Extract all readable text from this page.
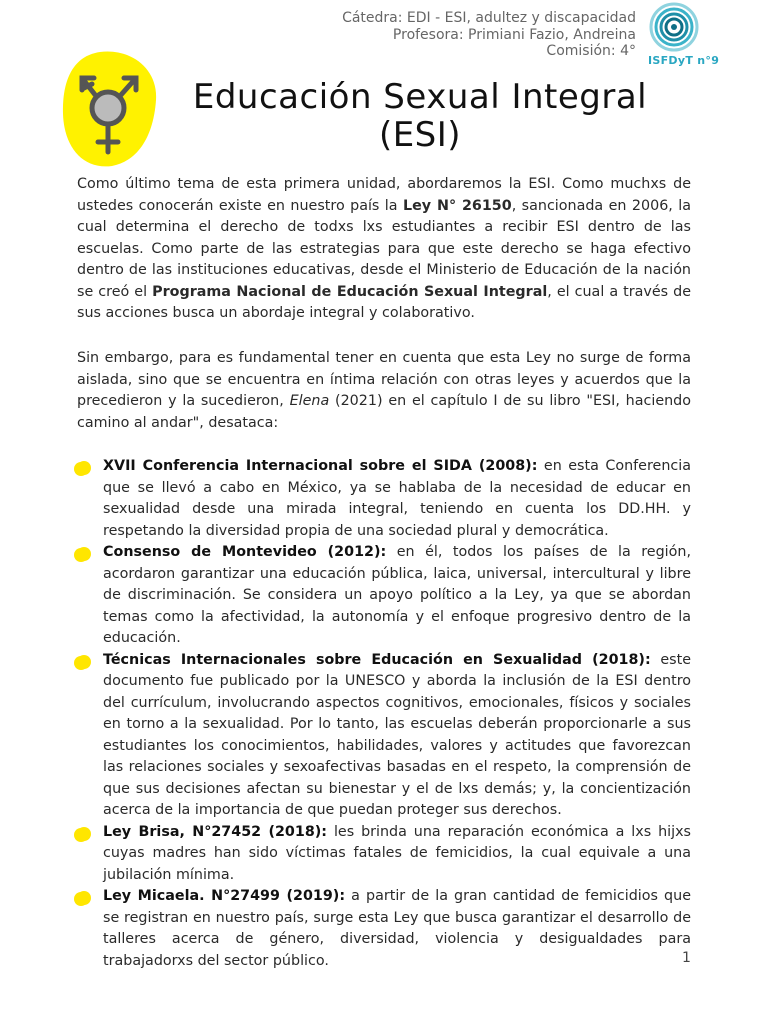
Cátedra: EDI - ESI, adultez y discapacidad
Profesora: Primiani Fazio, Andreina
Comisión: 4°
ISFDyT n°9
Educación Sexual Integral
(ESI)
Como último tema de esta primera unidad, abordaremos la ESI. Como muchxs de ustedes conocerán existe en nuestro país la Ley N° 26150, sancionada en 2006, la cual determina el derecho de todxs lxs estudiantes a recibir ESI dentro de las escuelas. Como parte de las estrategias para que este derecho se haga efectivo dentro de las instituciones educativas, desde el Ministerio de Educación de la nación se creó el Programa Nacional de Educación Sexual Integral, el cual a través de sus acciones busca un abordaje integral y colaborativo.
Sin embargo, para es fundamental tener en cuenta que esta Ley no surge de forma aislada, sino que se encuentra en íntima relación con otras leyes y acuerdos que la precedieron y la sucedieron, Elena (2021) en el capítulo I de su libro "ESI, haciendo camino al andar", desataca:
XVII Conferencia Internacional sobre el SIDA (2008): en esta Conferencia que se llevó a cabo en México, ya se hablaba de la necesidad de educar en sexualidad desde una mirada integral, teniendo en cuenta los DD.HH. y respetando la diversidad propia de una sociedad plural y democrática.
Consenso de Montevideo (2012): en él, todos los países de la región, acordaron garantizar una educación pública, laica, universal, intercultural y libre de discriminación. Se considera un apoyo político a la Ley, ya que se abordan temas como la afectividad, la autonomía y el enfoque progresivo dentro de la educación.
Técnicas Internacionales sobre Educación en Sexualidad (2018): este documento fue publicado por la UNESCO y aborda la inclusión de la ESI dentro del currículum, involucrando aspectos cognitivos, emocionales, físicos y sociales en torno a la sexualidad. Por lo tanto, las escuelas deberán proporcionarle a sus estudiantes los conocimientos, habilidades, valores y actitudes que favorezcan las relaciones sociales y sexoafectivas basadas en el respeto, la comprensión de que sus decisiones afectan su bienestar y el de lxs demás; y, la concientización acerca de la importancia de que puedan proteger sus derechos.
Ley Brisa, N°27452 (2018): les brinda una reparación económica a lxs hijxs cuyas madres han sido víctimas fatales de femicidios, la cual equivale a una jubilación mínima.
Ley Micaela. N°27499 (2019): a partir de la gran cantidad de femicidios que se registran en nuestro país, surge esta Ley que busca garantizar el desarrollo de talleres acerca de género, diversidad, violencia y desigualdades para trabajadorxs del sector público.	1
